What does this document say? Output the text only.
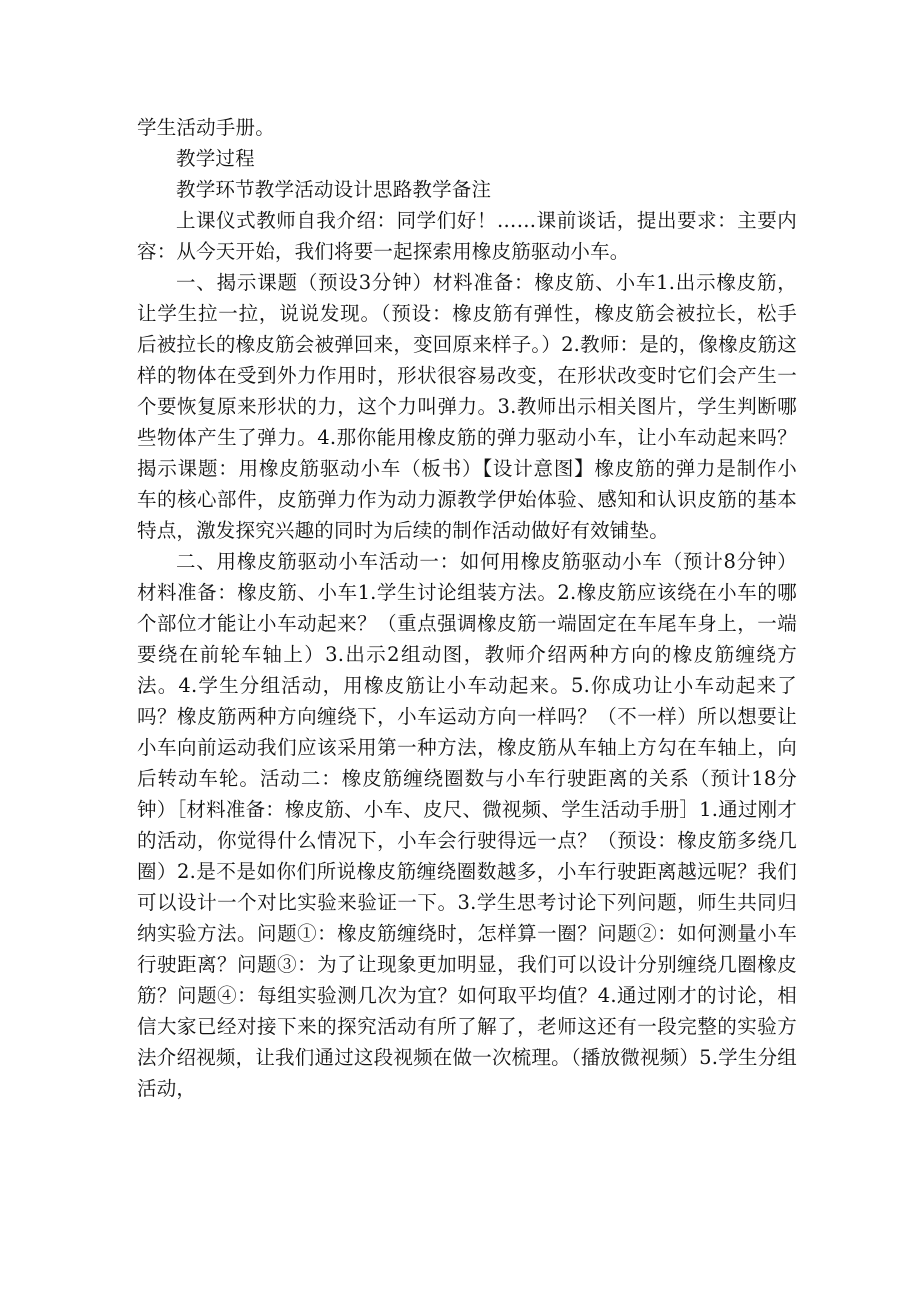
学生活动手册。

教学过程

教学环节教学活动设计思路教学备注

上课仪式教师自我介绍：同学们好！……课前谈话，提出要求：主要内容：从今天开始，我们将要一起探索用橡皮筋驱动小车。

一、揭示课题（预设3分钟）材料准备：橡皮筋、小车1.出示橡皮筋，让学生拉一拉，说说发现。（预设：橡皮筋有弹性，橡皮筋会被拉长，松手后被拉长的橡皮筋会被弹回来，变回原来样子。）2.教师：是的，像橡皮筋这样的物体在受到外力作用时，形状很容易改变，在形状改变时它们会产生一个要恢复原来形状的力，这个力叫弹力。3.教师出示相关图片，学生判断哪些物体产生了弹力。4.那你能用橡皮筋的弹力驱动小车，让小车动起来吗？揭示课题：用橡皮筋驱动小车（板书）【设计意图】橡皮筋的弹力是制作小车的核心部件，皮筋弹力作为动力源教学伊始体验、感知和认识皮筋的基本特点，激发探究兴趣的同时为后续的制作活动做好有效铺垫。

二、用橡皮筋驱动小车活动一：如何用橡皮筋驱动小车（预计8分钟）材料准备：橡皮筋、小车1.学生讨论组装方法。2.橡皮筋应该绕在小车的哪个部位才能让小车动起来？（重点强调橡皮筋一端固定在车尾车身上，一端要绕在前轮车轴上）3.出示2组动图，教师介绍两种方向的橡皮筋缠绕方法。4.学生分组活动，用橡皮筋让小车动起来。5.你成功让小车动起来了吗？橡皮筋两种方向缠绕下，小车运动方向一样吗？（不一样）所以想要让小车向前运动我们应该采用第一种方法，橡皮筋从车轴上方勾在车轴上，向后转动车轮。活动二：橡皮筋缠绕圈数与小车行驶距离的关系（预计18分钟）［材料准备：橡皮筋、小车、皮尺、微视频、学生活动手册］1.通过刚才的活动，你觉得什么情况下，小车会行驶得远一点？（预设：橡皮筋多绕几圈）2.是不是如你们所说橡皮筋缠绕圈数越多，小车行驶距离越远呢？我们可以设计一个对比实验来验证一下。3.学生思考讨论下列问题，师生共同归纳实验方法。问题①：橡皮筋缠绕时，怎样算一圈？问题②：如何测量小车行驶距离？问题③：为了让现象更加明显，我们可以设计分别缠绕几圈橡皮筋？问题④：每组实验测几次为宜？如何取平均值？4.通过刚才的讨论，相信大家已经对接下来的探究活动有所了解了，老师这还有一段完整的实验方法介绍视频，让我们通过这段视频在做一次梳理。（播放微视频）5.学生分组活动，
